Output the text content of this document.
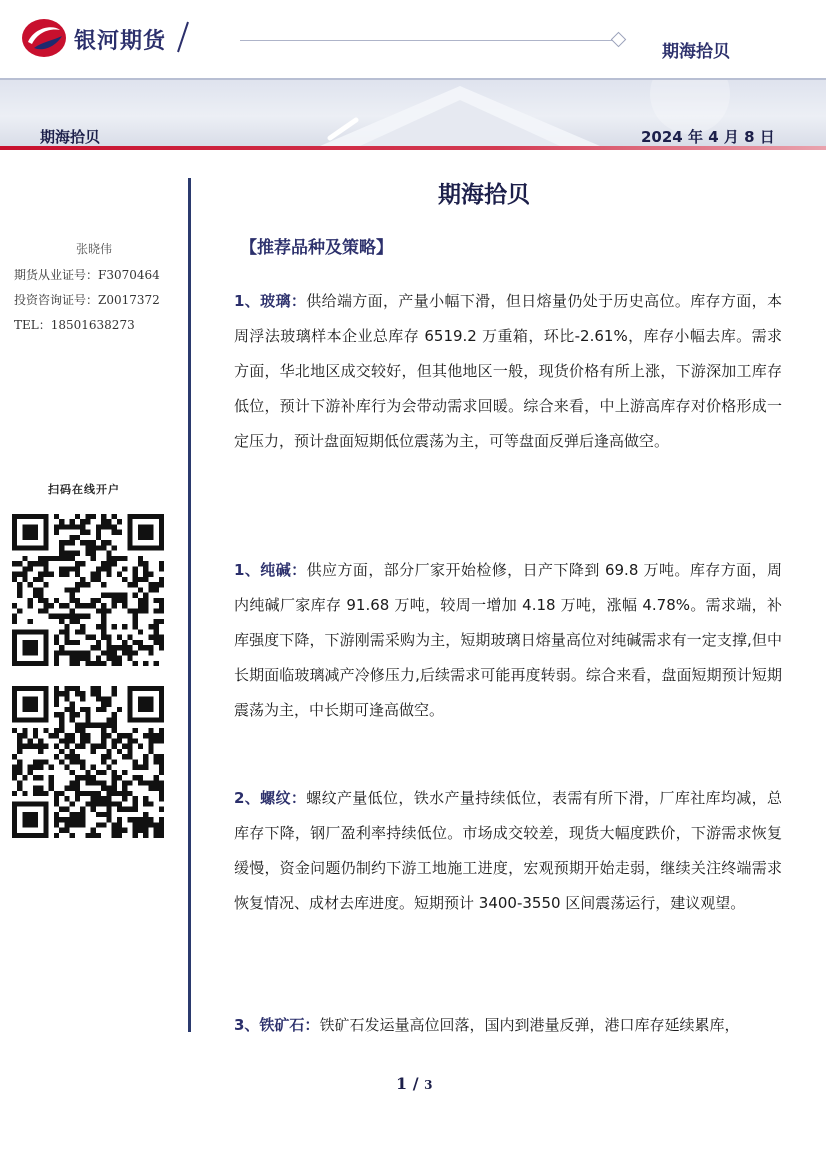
银河期货	期海拾贝
期海拾贝	2024 年 4 月 8 日
张晓伟
期货从业证号：F3070464
投资咨询证号：Z0017372
TEL：18501638273
扫码在线开户
期海拾贝
【推荐品种及策略】
1、玻璃：供给端方面，产量小幅下滑，但日熔量仍处于历史高位。库存方面，本周浮法玻璃样本企业总库存 6519.2 万重箱，环比-2.61%，库存小幅去库。需求方面，华北地区成交较好，但其他地区一般，现货价格有所上涨，下游深加工库存低位，预计下游补库行为会带动需求回暖。综合来看，中上游高库存对价格形成一定压力，预计盘面短期低位震荡为主，可等盘面反弹后逢高做空。
1、纯碱：供应方面，部分厂家开始检修，日产下降到 69.8 万吨。库存方面，周内纯碱厂家库存 91.68 万吨，较周一增加 4.18 万吨，涨幅 4.78%。需求端，补库强度下降，下游刚需采购为主，短期玻璃日熔量高位对纯碱需求有一定支撑,但中长期面临玻璃减产冷修压力,后续需求可能再度转弱。综合来看，盘面短期预计短期震荡为主，中长期可逢高做空。
2、螺纹：螺纹产量低位，铁水产量持续低位，表需有所下滑，厂库社库均减，总库存下降，钢厂盈利率持续低位。市场成交较差，现货大幅度跌价，下游需求恢复缓慢，资金问题仍制约下游工地施工进度，宏观预期开始走弱，继续关注终端需求恢复情况、成材去库进度。短期预计 3400-3550 区间震荡运行，建议观望。
3、铁矿石：铁矿石发运量高位回落，国内到港量反弹，港口库存延续累库，
1 / 3
